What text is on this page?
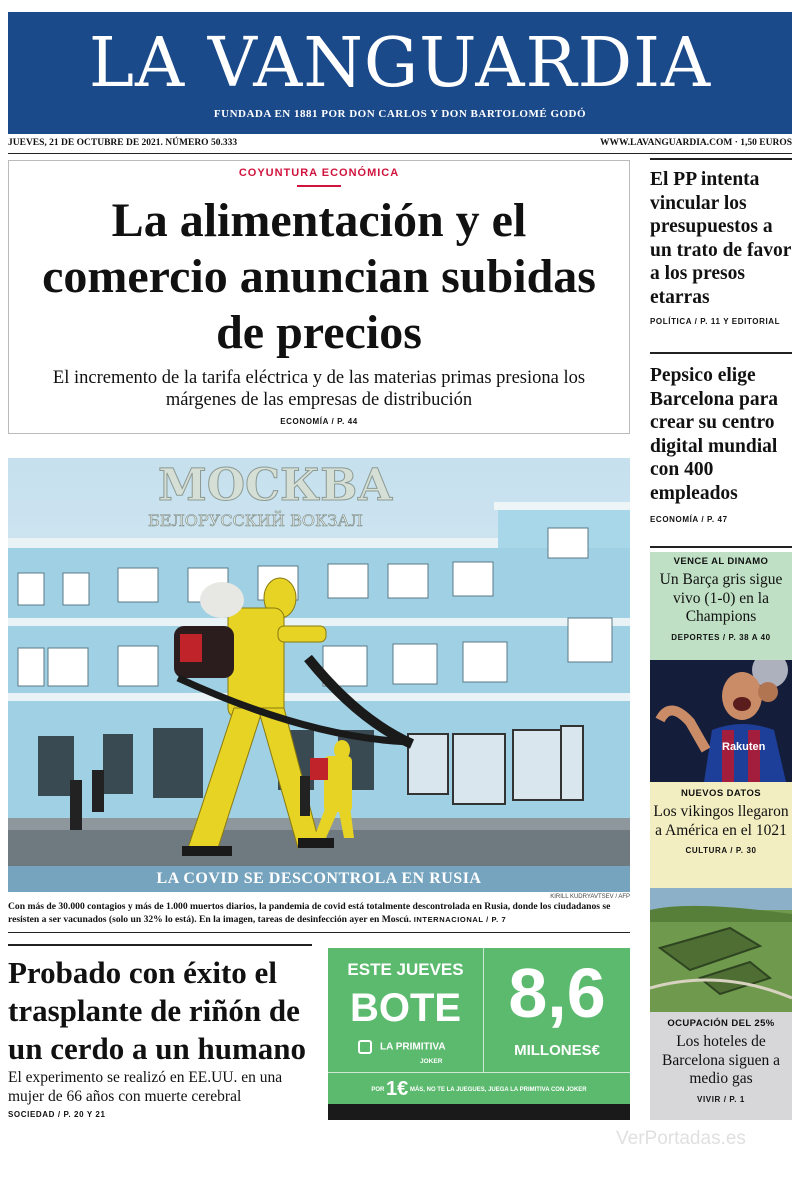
LA VANGUARDIA
FUNDADA EN 1881 POR DON CARLOS Y DON BARTOLOMÉ GODÓ
JUEVES, 21 DE OCTUBRE DE 2021. NÚMERO 50.333	WWW.LAVANGUARDIA.COM · 1,50 EUROS
COYUNTURA ECONÓMICA
La alimentación y el comercio anuncian subidas de precios
El incremento de la tarifa eléctrica y de las materias primas presiona los márgenes de las empresas de distribución
ECONOMÍA / P. 44
МОСКВА
БЕЛОРУССКИЙ ВОКЗАЛ
LA COVID SE DESCONTROLA EN RUSIA
KIRILL KUDRYAVTSEV / AFP
Con más de 30.000 contagios y más de 1.000 muertos diarios, la pandemia de covid está totalmente descontrolada en Rusia, donde los ciudadanos se resisten a ser vacunados (solo un 32% lo está). En la imagen, tareas de desinfección ayer en Moscú. INTERNACIONAL / P. 7
Probado con éxito el trasplante de riñón de un cerdo a un humano
El experimento se realizó en EE.UU. en una mujer de 66 años con muerte cerebral
SOCIEDAD / P. 20 Y 21
ESTE JUEVES
BOTE
LA PRIMITIVA
JOKER
8,6
MILLONES€
POR 1€ MÁS, NO TE LA JUEGUES, JUEGA LA PRIMITIVA CON JOKER
El PP intenta vincular los presupuestos a un trato de favor a los presos etarras
POLÍTICA / P. 11 Y EDITORIAL
Pepsico elige Barcelona para crear su centro digital mundial con 400 empleados
ECONOMÍA / P. 47
VENCE AL DINAMO
Un Barça gris sigue vivo (1-0) en la Champions
DEPORTES / P. 38 A 40
Rakuten
NUEVOS DATOS
Los vikingos llegaron a América en el 1021
CULTURA / P. 30
OCUPACIÓN DEL 25%
Los hoteles de Barcelona siguen a medio gas
VIVIR / P. 1
VerPortadas.es
